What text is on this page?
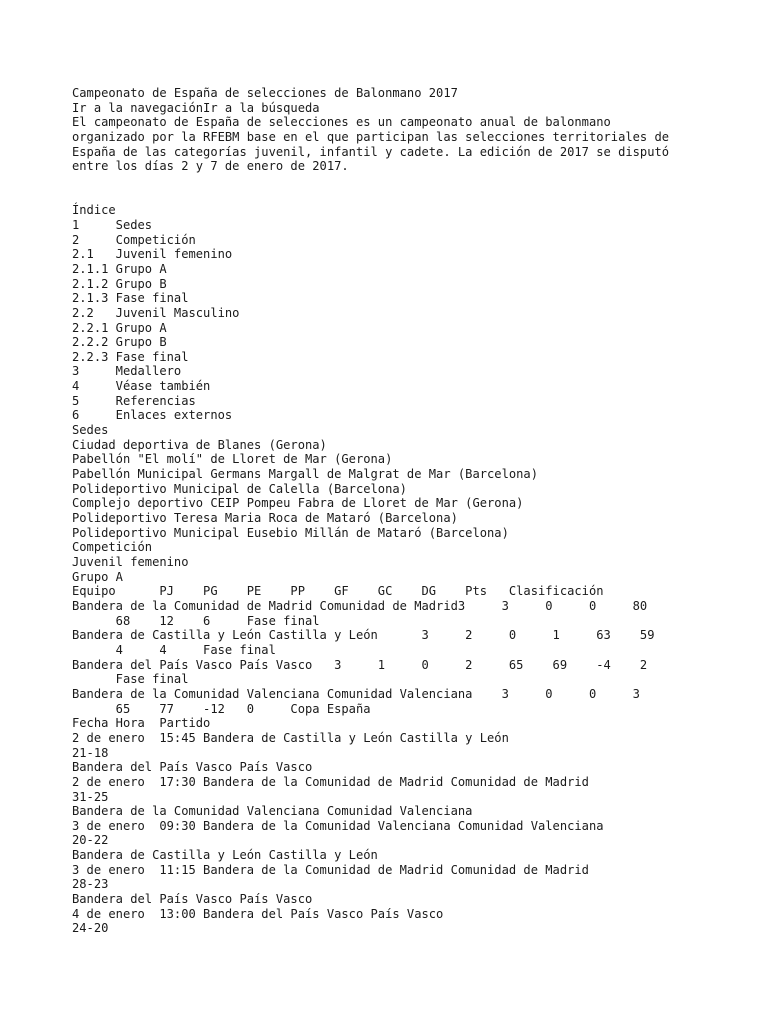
Campeonato de España de selecciones de Balonmano 2017
Ir a la navegaciónIr a la búsqueda
El campeonato de España de selecciones es un campeonato anual de balonmano
organizado por la RFEBM base en el que participan las selecciones territoriales de
España de las categorías juvenil, infantil y cadete. La edición de 2017 se disputó
entre los días 2 y 7 de enero de 2017.
Índice
1     Sedes
2     Competición
2.1   Juvenil femenino
2.1.1 Grupo A
2.1.2 Grupo B
2.1.3 Fase final
2.2   Juvenil Masculino
2.2.1 Grupo A
2.2.2 Grupo B
2.2.3 Fase final
3     Medallero
4     Véase también
5     Referencias
6     Enlaces externos
Sedes
Ciudad deportiva de Blanes (Gerona)
Pabellón "El molí" de Lloret de Mar (Gerona)
Pabellón Municipal Germans Margall de Malgrat de Mar (Barcelona)
Polideportivo Municipal de Calella (Barcelona)
Complejo deportivo CEIP Pompeu Fabra de Lloret de Mar (Gerona)
Polideportivo Teresa Maria Roca de Mataró (Barcelona)
Polideportivo Municipal Eusebio Millán de Mataró (Barcelona)
Competición
Juvenil femenino
Grupo A
Equipo      PJ    PG    PE    PP    GF    GC    DG    Pts   Clasificación
Bandera de la Comunidad de Madrid Comunidad de Madrid3     3     0     0     80
68    12    6     Fase final
Bandera de Castilla y León Castilla y León      3     2     0     1     63    59
4     4     Fase final
Bandera del País Vasco País Vasco   3     1     0     2     65    69    -4    2
Fase final
Bandera de la Comunidad Valenciana Comunidad Valenciana    3     0     0     3
65    77    -12   0     Copa España
Fecha Hora  Partido
2 de enero  15:45 Bandera de Castilla y León Castilla y León
21-18
Bandera del País Vasco País Vasco
2 de enero  17:30 Bandera de la Comunidad de Madrid Comunidad de Madrid
31-25
Bandera de la Comunidad Valenciana Comunidad Valenciana
3 de enero  09:30 Bandera de la Comunidad Valenciana Comunidad Valenciana
20-22
Bandera de Castilla y León Castilla y León
3 de enero  11:15 Bandera de la Comunidad de Madrid Comunidad de Madrid
28-23
Bandera del País Vasco País Vasco
4 de enero  13:00 Bandera del País Vasco País Vasco
24-20
